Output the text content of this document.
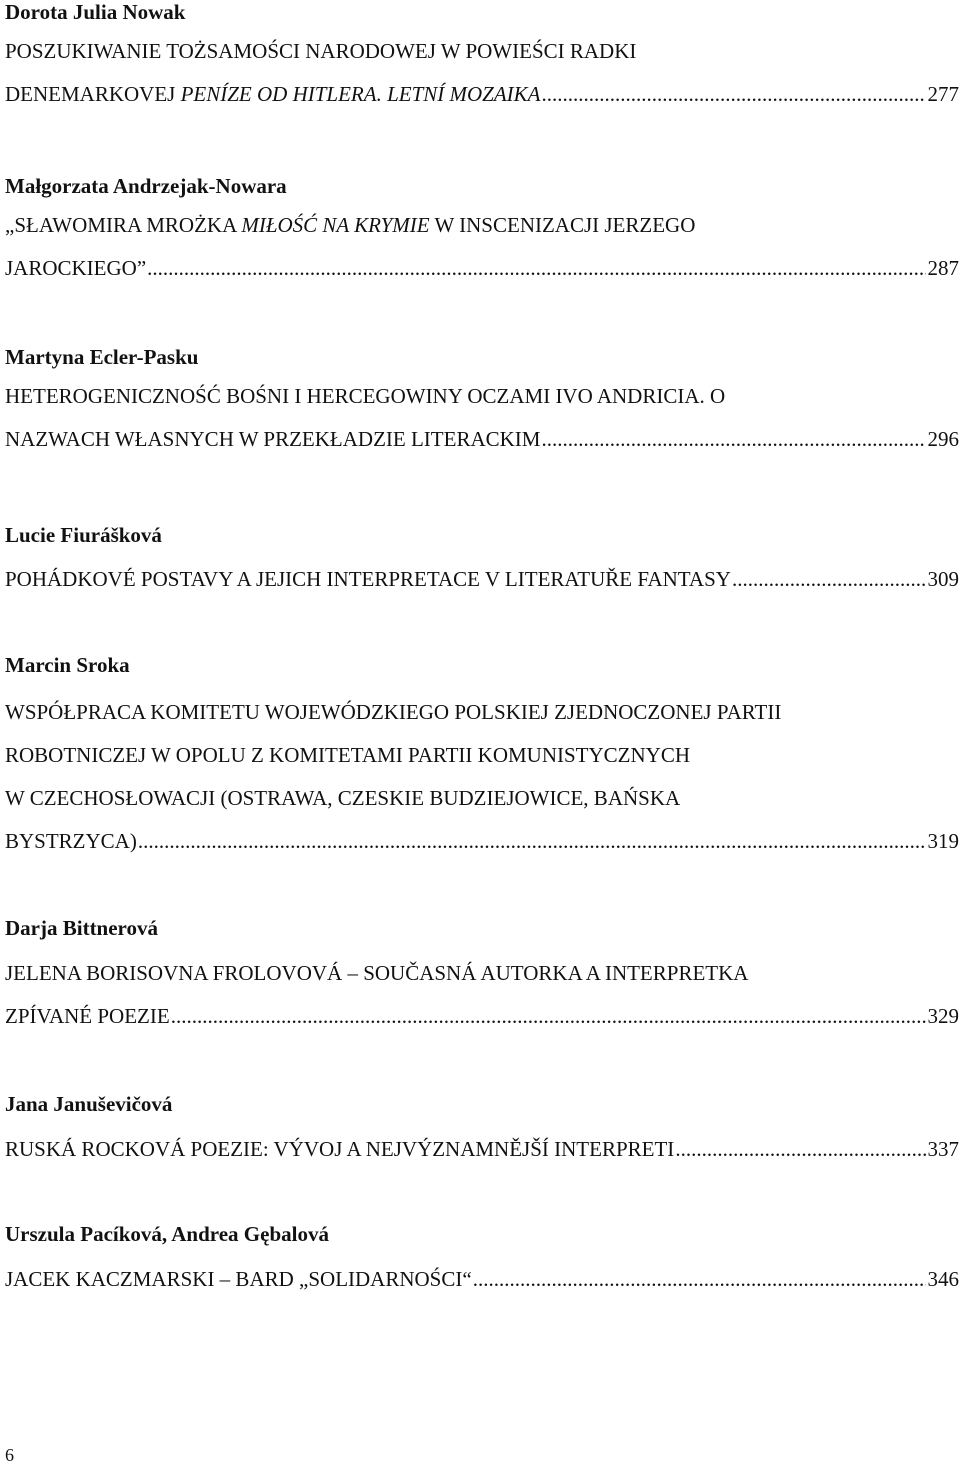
Dorota Julia Nowak
POSZUKIWANIE TOŻSAMOŚCI NARODOWEJ W POWIEŚCI RADKI
DENEMARKOVEJ PENÍZE OD HITLERA. LETNÍ MOZAIKA .....	277
Małgorzata Andrzejak-Nowara
„SŁAWOMIRA MROŻKA MIŁOŚĆ NA KRYMIE W INSCENIZACJI JERZEGO
JAROCKIEGO” .....	287
Martyna Ecler-Pasku
HETEROGENICZNOŚĆ BOŚNI I HERCEGOWINY OCZAMI IVO ANDRICIA. O
NAZWACH WŁASNYCH W PRZEKŁADZIE LITERACKIM .....	296
Lucie Fiurášková
POHÁDKOVÉ POSTAVY A JEJICH INTERPRETACE V LITERATUŘE FANTASY .....	309
Marcin Sroka
WSPÓŁPRACA KOMITETU WOJEWÓDZKIEGO POLSKIEJ ZJEDNOCZONEJ PARTII
ROBOTNICZEJ W OPOLU Z KOMITETAMI PARTII KOMUNISTYCZNYCH
W CZECHOSŁOWACJI (OSTRAWA, CZESKIE BUDZIEJOWICE, BAŃSKA
BYSTRZYCA) .....	319
Darja Bittnerová
JELENA BORISOVNA FROLOVOVÁ – SOUČASNÁ AUTORKA A INTERPRETKA
ZPÍVANÉ POEZIE .....	329
Jana Januševičová
RUSKÁ ROCKOVÁ POEZIE: VÝVOJ A NEJVÝZNAMNĚJŠÍ INTERPRETI .....	337
Urszula Pacíková, Andrea Gębalová
JACEK KACZMARSKI – BARD „SOLIDARNOŚCI“ .....	346
6
